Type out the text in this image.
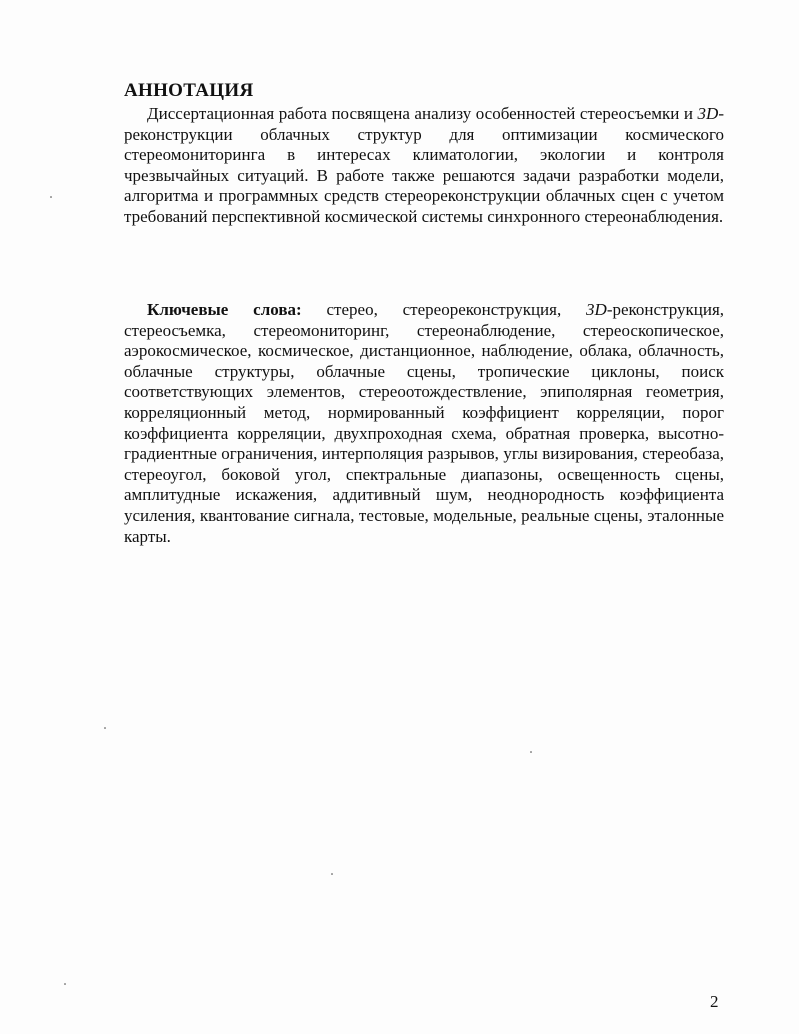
АННОТАЦИЯ
Диссертационная работа посвящена анализу особенностей стереосъемки и 3D-реконструкции облачных структур для оптимизации космического стереомониторинга в интересах климатологии, экологии и контроля чрезвычайных ситуаций. В работе также решаются задачи разработки модели, алгоритма и программных средств стереореконструкции облачных сцен с учетом требований перспективной космической системы синхронного стереонаблюдения.
Ключевые слова: стерео, стереореконструкция, 3D-реконструкция, стереосъемка, стереомониторинг, стереонаблюдение, стереоскопическое, аэрокосмическое, космическое, дистанционное, наблюдение, облака, облачность, облачные структуры, облачные сцены, тропические циклоны, поиск соответствующих элементов, стереоотождествление, эпиполярная геометрия, корреляционный метод, нормированный коэффициент корреляции, порог коэффициента корреляции, двухпроходная схема, обратная проверка, высотно-градиентные ограничения, интерполяция разрывов, углы визирования, стереобаза, стереоугол, боковой угол, спектральные диапазоны, освещенность сцены, амплитудные искажения, аддитивный шум, неоднородность коэффициента усиления, квантование сигнала, тестовые, модельные, реальные сцены, эталонные карты.
2
